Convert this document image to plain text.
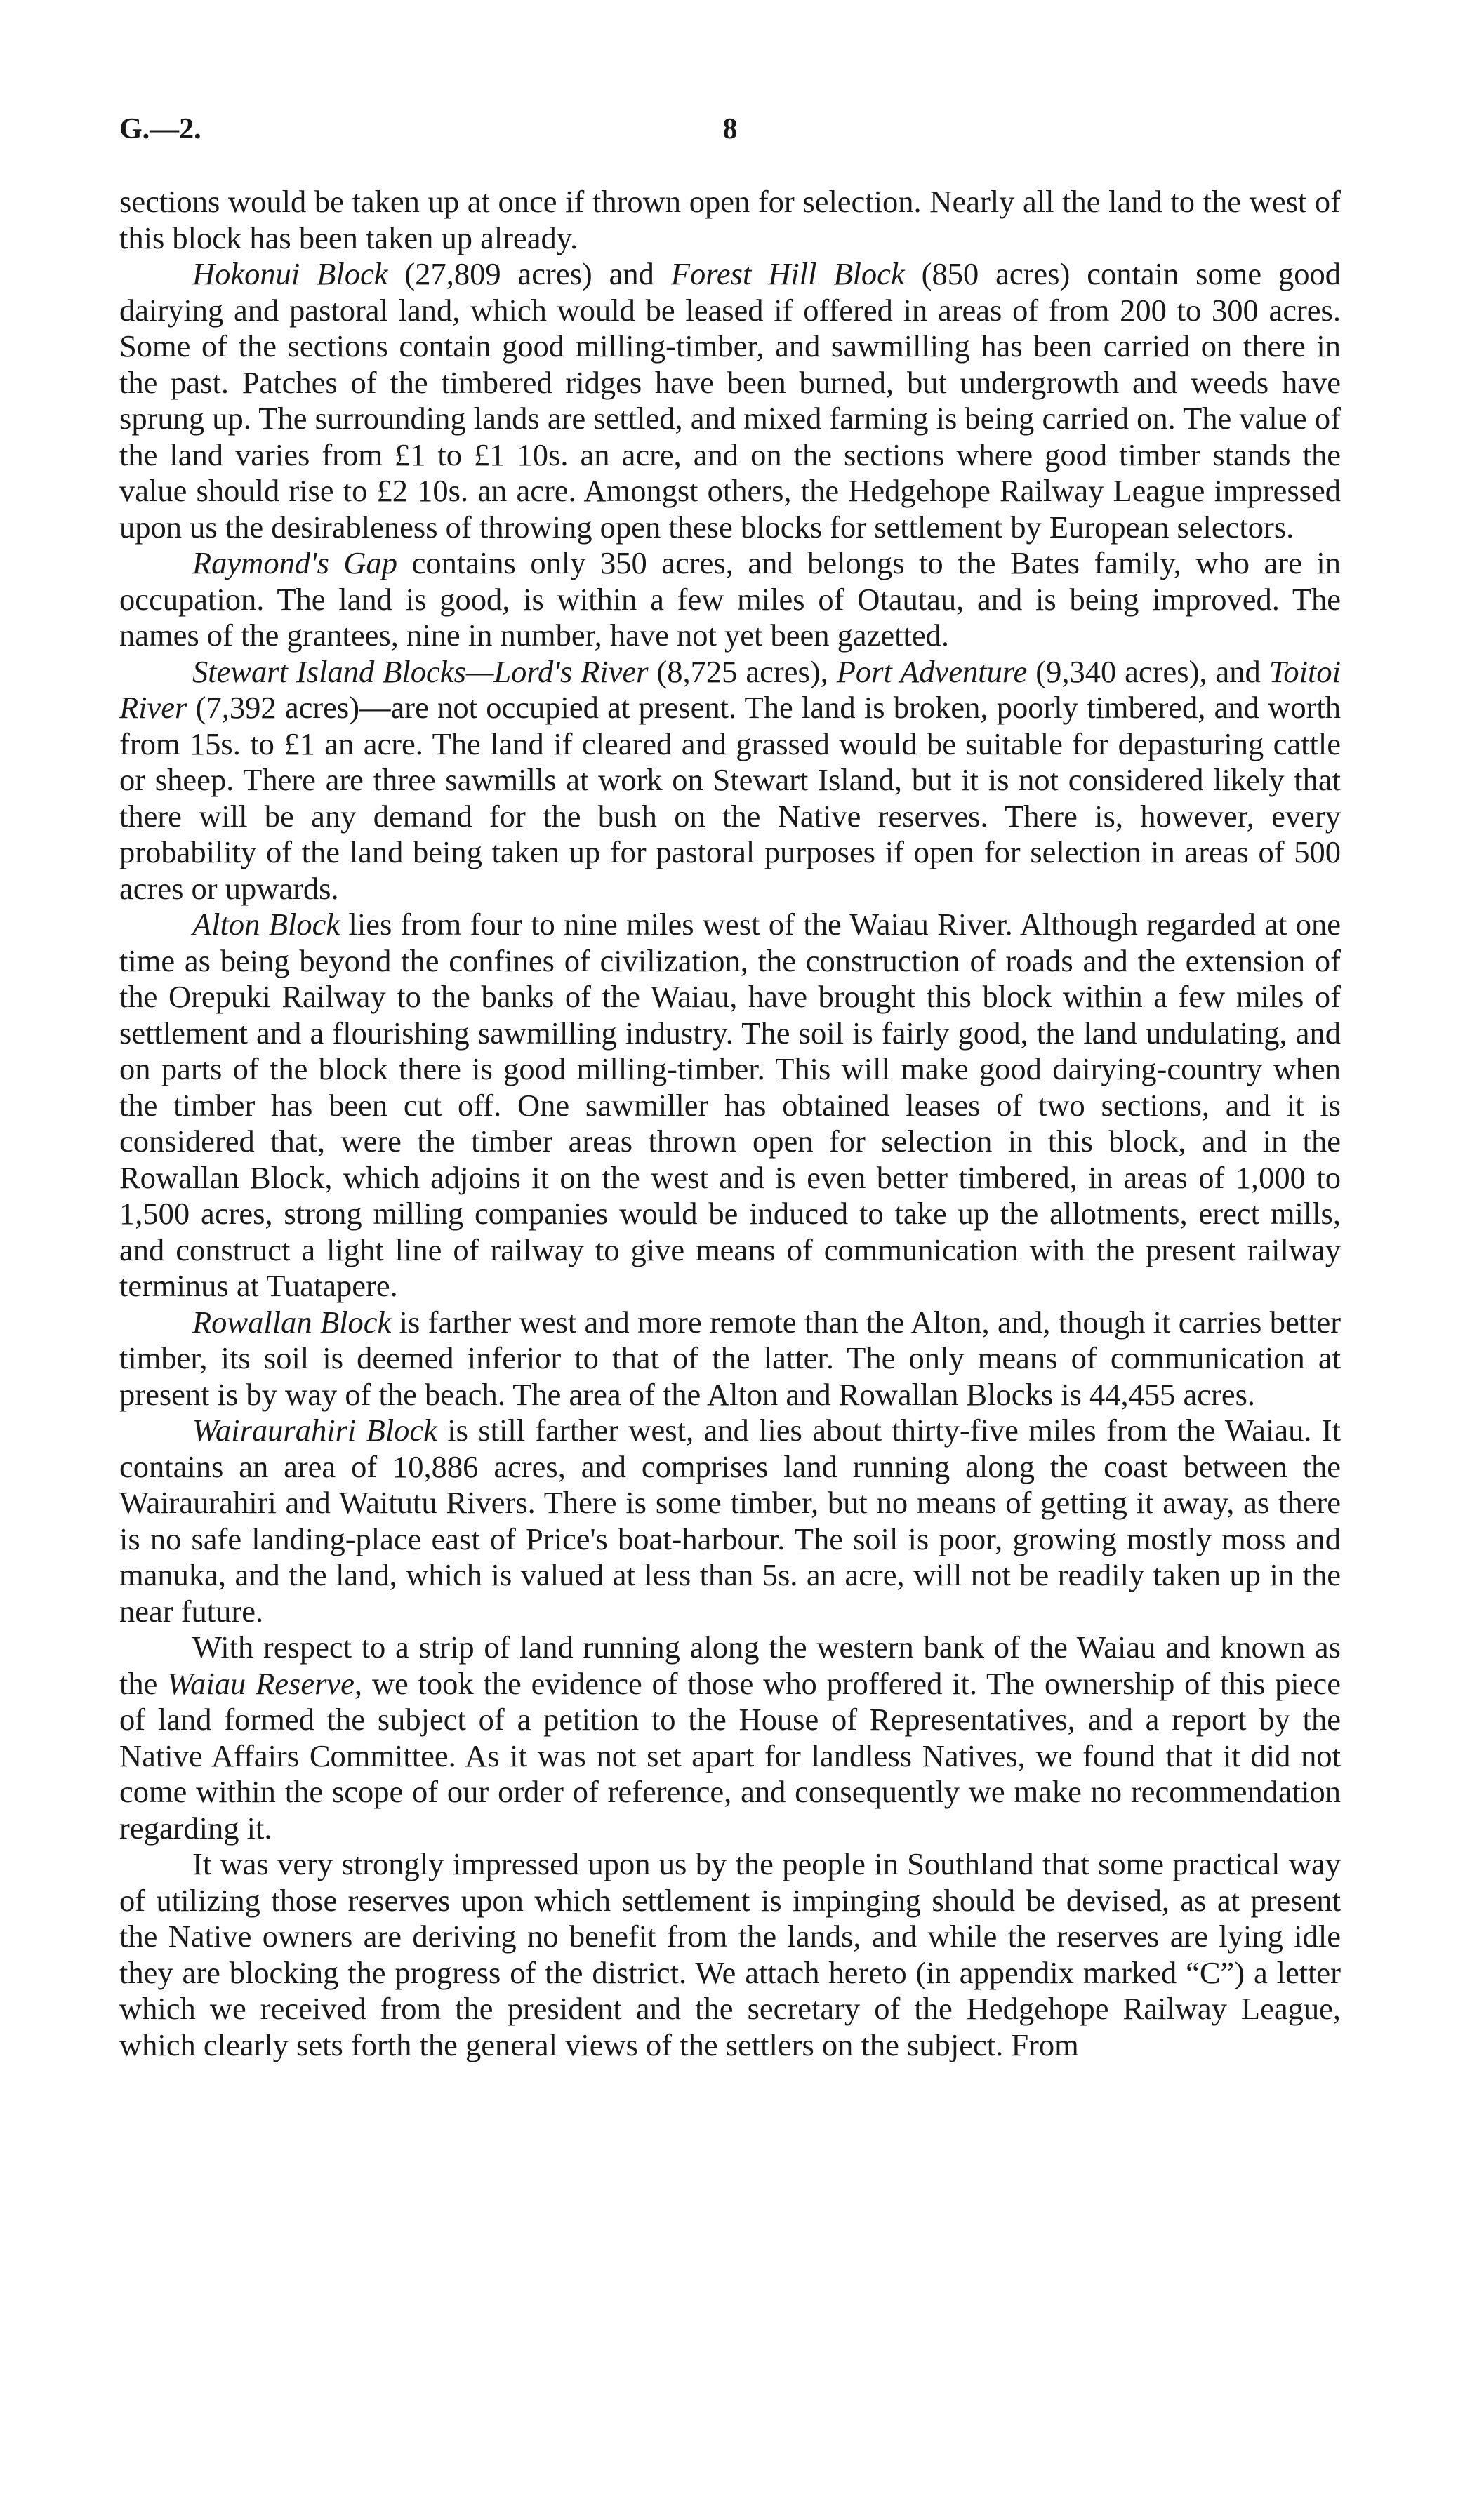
G.—2.	8

sections would be taken up at once if thrown open for selection. Nearly all the land to the west of this block has been taken up already.

Hokonui Block (27,809 acres) and Forest Hill Block (850 acres) contain some good dairying and pastoral land, which would be leased if offered in areas of from 200 to 300 acres. Some of the sections contain good milling-timber, and sawmilling has been carried on there in the past. Patches of the timbered ridges have been burned, but undergrowth and weeds have sprung up. The surrounding lands are settled, and mixed farming is being carried on. The value of the land varies from £1 to £1 10s. an acre, and on the sections where good timber stands the value should rise to £2 10s. an acre. Amongst others, the Hedgehope Railway League impressed upon us the desirableness of throwing open these blocks for settlement by European selectors.

Raymond's Gap contains only 350 acres, and belongs to the Bates family, who are in occupation. The land is good, is within a few miles of Otautau, and is being improved. The names of the grantees, nine in number, have not yet been gazetted.

Stewart Island Blocks—Lord's River (8,725 acres), Port Adventure (9,340 acres), and Toitoi River (7,392 acres)—are not occupied at present. The land is broken, poorly timbered, and worth from 15s. to £1 an acre. The land if cleared and grassed would be suitable for depasturing cattle or sheep. There are three sawmills at work on Stewart Island, but it is not considered likely that there will be any demand for the bush on the Native reserves. There is, however, every probability of the land being taken up for pastoral purposes if open for selection in areas of 500 acres or upwards.

Alton Block lies from four to nine miles west of the Waiau River. Although regarded at one time as being beyond the confines of civilization, the construction of roads and the extension of the Orepuki Railway to the banks of the Waiau, have brought this block within a few miles of settlement and a flourishing sawmilling industry. The soil is fairly good, the land undulating, and on parts of the block there is good milling-timber. This will make good dairying-country when the timber has been cut off. One sawmiller has obtained leases of two sections, and it is considered that, were the timber areas thrown open for selection in this block, and in the Rowallan Block, which adjoins it on the west and is even better timbered, in areas of 1,000 to 1,500 acres, strong milling companies would be induced to take up the allotments, erect mills, and construct a light line of railway to give means of communication with the present railway terminus at Tuatapere.

Rowallan Block is farther west and more remote than the Alton, and, though it carries better timber, its soil is deemed inferior to that of the latter. The only means of communication at present is by way of the beach. The area of the Alton and Rowallan Blocks is 44,455 acres.

Wairaurahiri Block is still farther west, and lies about thirty-five miles from the Waiau. It contains an area of 10,886 acres, and comprises land running along the coast between the Wairaurahiri and Waitutu Rivers. There is some timber, but no means of getting it away, as there is no safe landing-place east of Price's boat-harbour. The soil is poor, growing mostly moss and manuka, and the land, which is valued at less than 5s. an acre, will not be readily taken up in the near future.

With respect to a strip of land running along the western bank of the Waiau and known as the Waiau Reserve, we took the evidence of those who proffered it. The ownership of this piece of land formed the subject of a petition to the House of Representatives, and a report by the Native Affairs Committee. As it was not set apart for landless Natives, we found that it did not come within the scope of our order of reference, and consequently we make no recommendation regarding it.

It was very strongly impressed upon us by the people in Southland that some practical way of utilizing those reserves upon which settlement is impinging should be devised, as at present the Native owners are deriving no benefit from the lands, and while the reserves are lying idle they are blocking the progress of the district. We attach hereto (in appendix marked “C”) a letter which we received from the president and the secretary of the Hedgehope Railway League, which clearly sets forth the general views of the settlers on the subject. From
